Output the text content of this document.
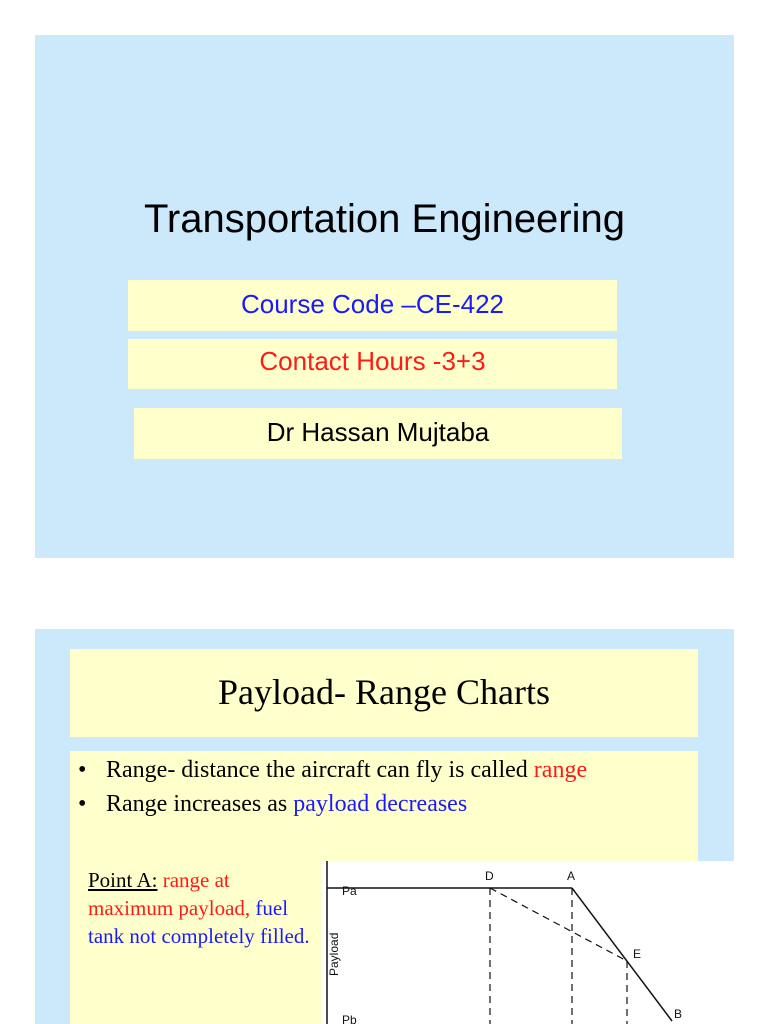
Transportation Engineering
Course Code –CE-422
Contact Hours -3+3
Dr Hassan Mujtaba
Payload- Range Charts
• Range- distance the aircraft can fly is called range
• Range increases as payload decreases
Point A: range at maximum payload, fuel tank not completely filled.
D	A
E
B
Pa
Pb
Payload
